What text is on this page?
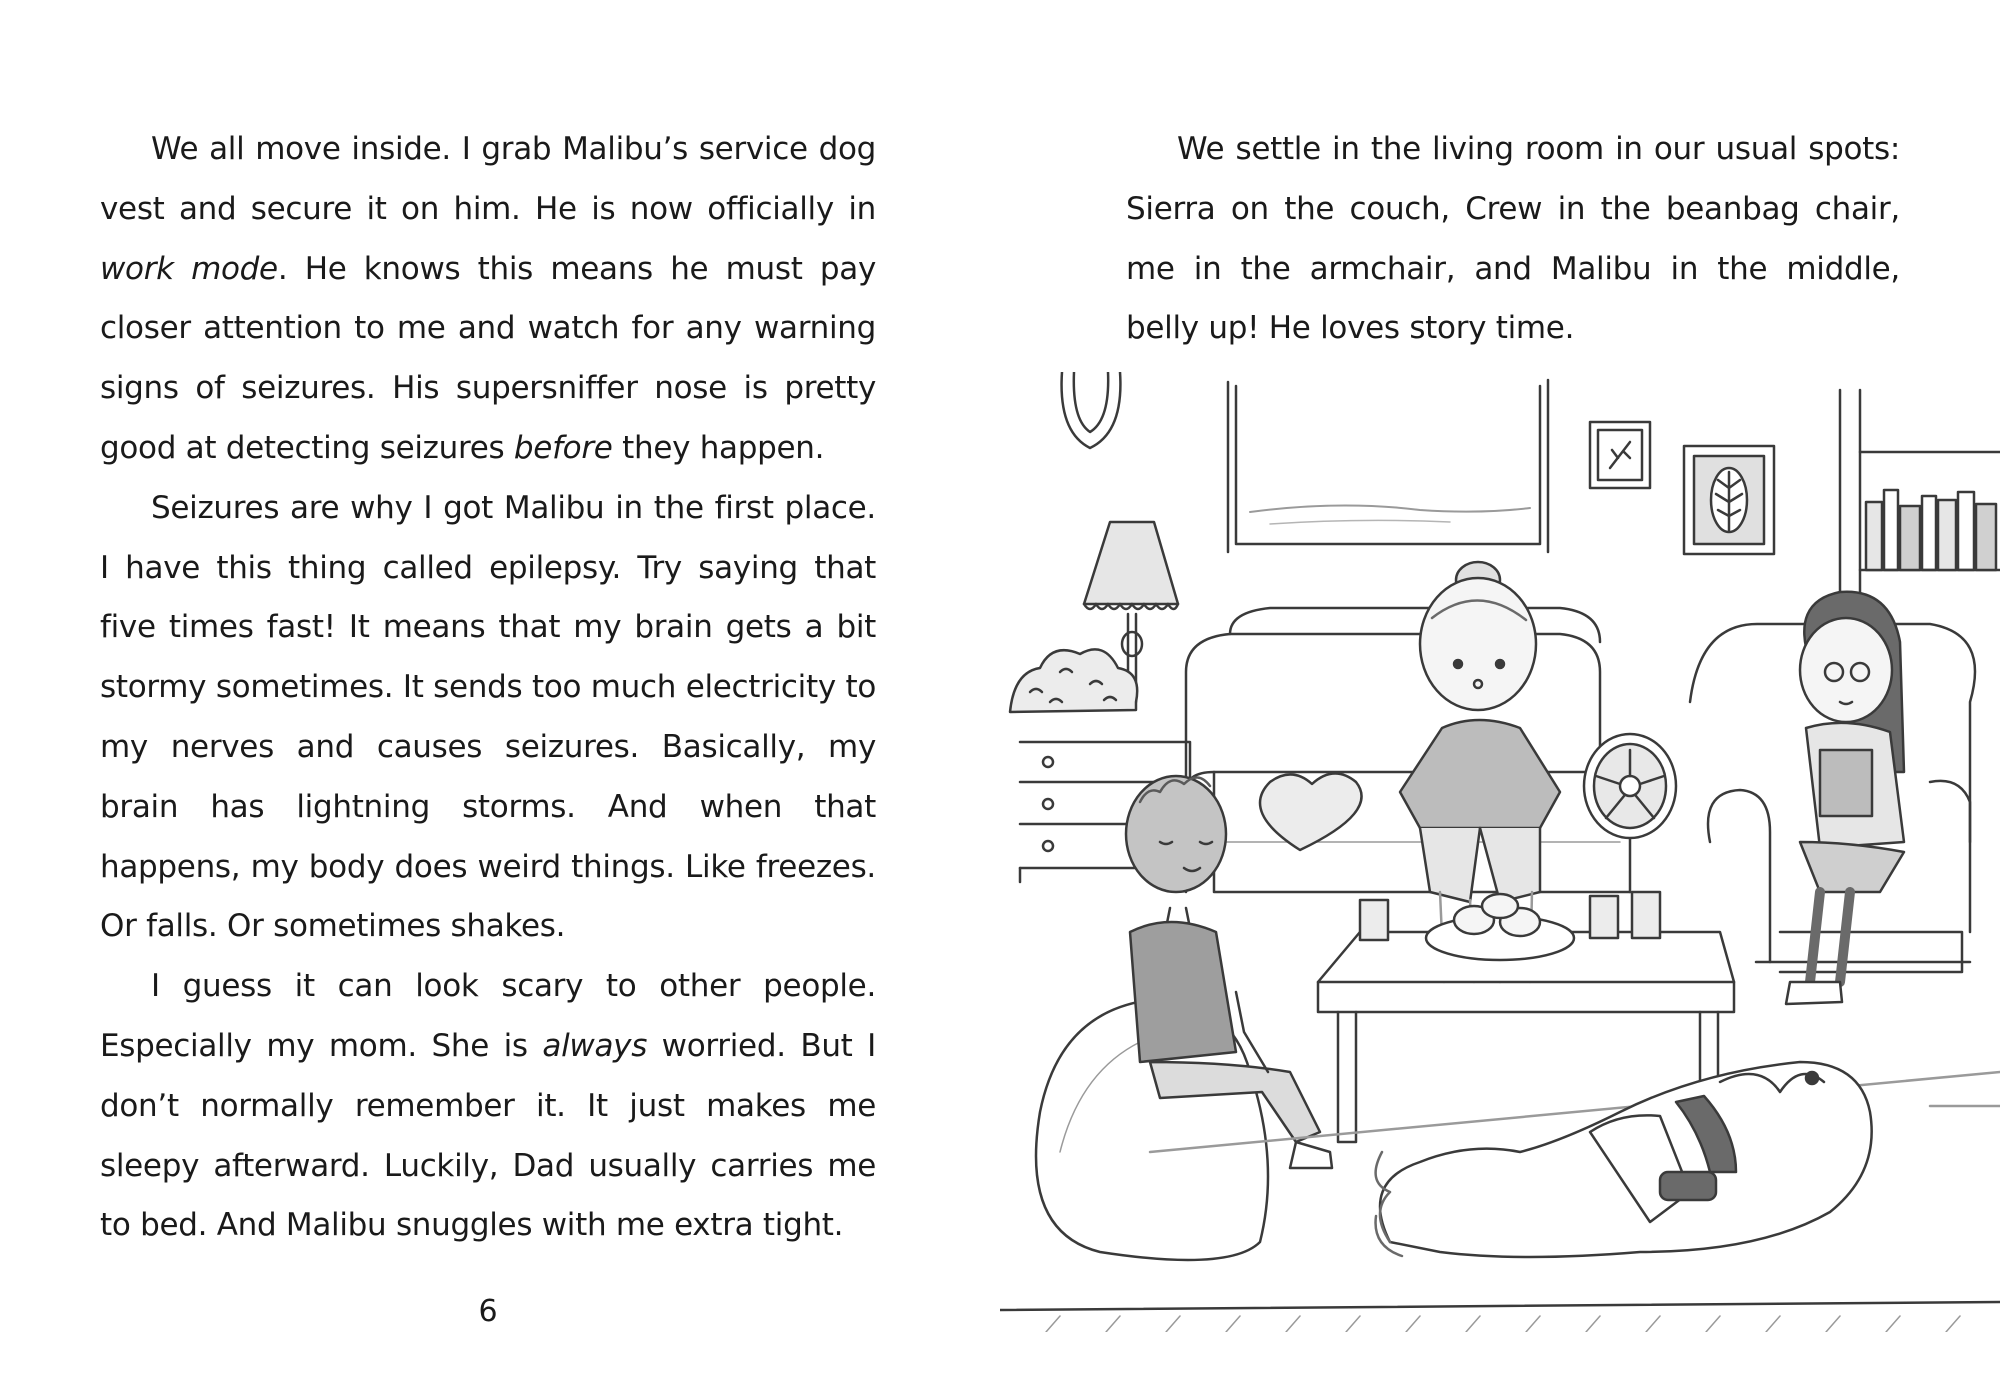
We all move inside. I grab Malibu’s service dog vest and secure it on him. He is now officially in work mode. He knows this means he must pay closer attention to me and watch for any warning signs of seizures. His supersniffer nose is pretty good at detecting seizures before they happen.

Seizures are why I got Malibu in the first place. I have this thing called epilepsy. Try saying that five times fast! It means that my brain gets a bit stormy sometimes. It sends too much electricity to my nerves and causes seizures. Basically, my brain has lightning storms. And when that happens, my body does weird things. Like freezes. Or falls. Or sometimes shakes.

I guess it can look scary to other people. Especially my mom. She is always worried. But I don’t normally remember it. It just makes me sleepy afterward. Luckily, Dad usually carries me to bed. And Malibu snuggles with me extra tight.

6

We settle in the living room in our usual spots: Sierra on the couch, Crew in the beanbag chair, me in the armchair, and Malibu in the middle, belly up! He loves story time.
